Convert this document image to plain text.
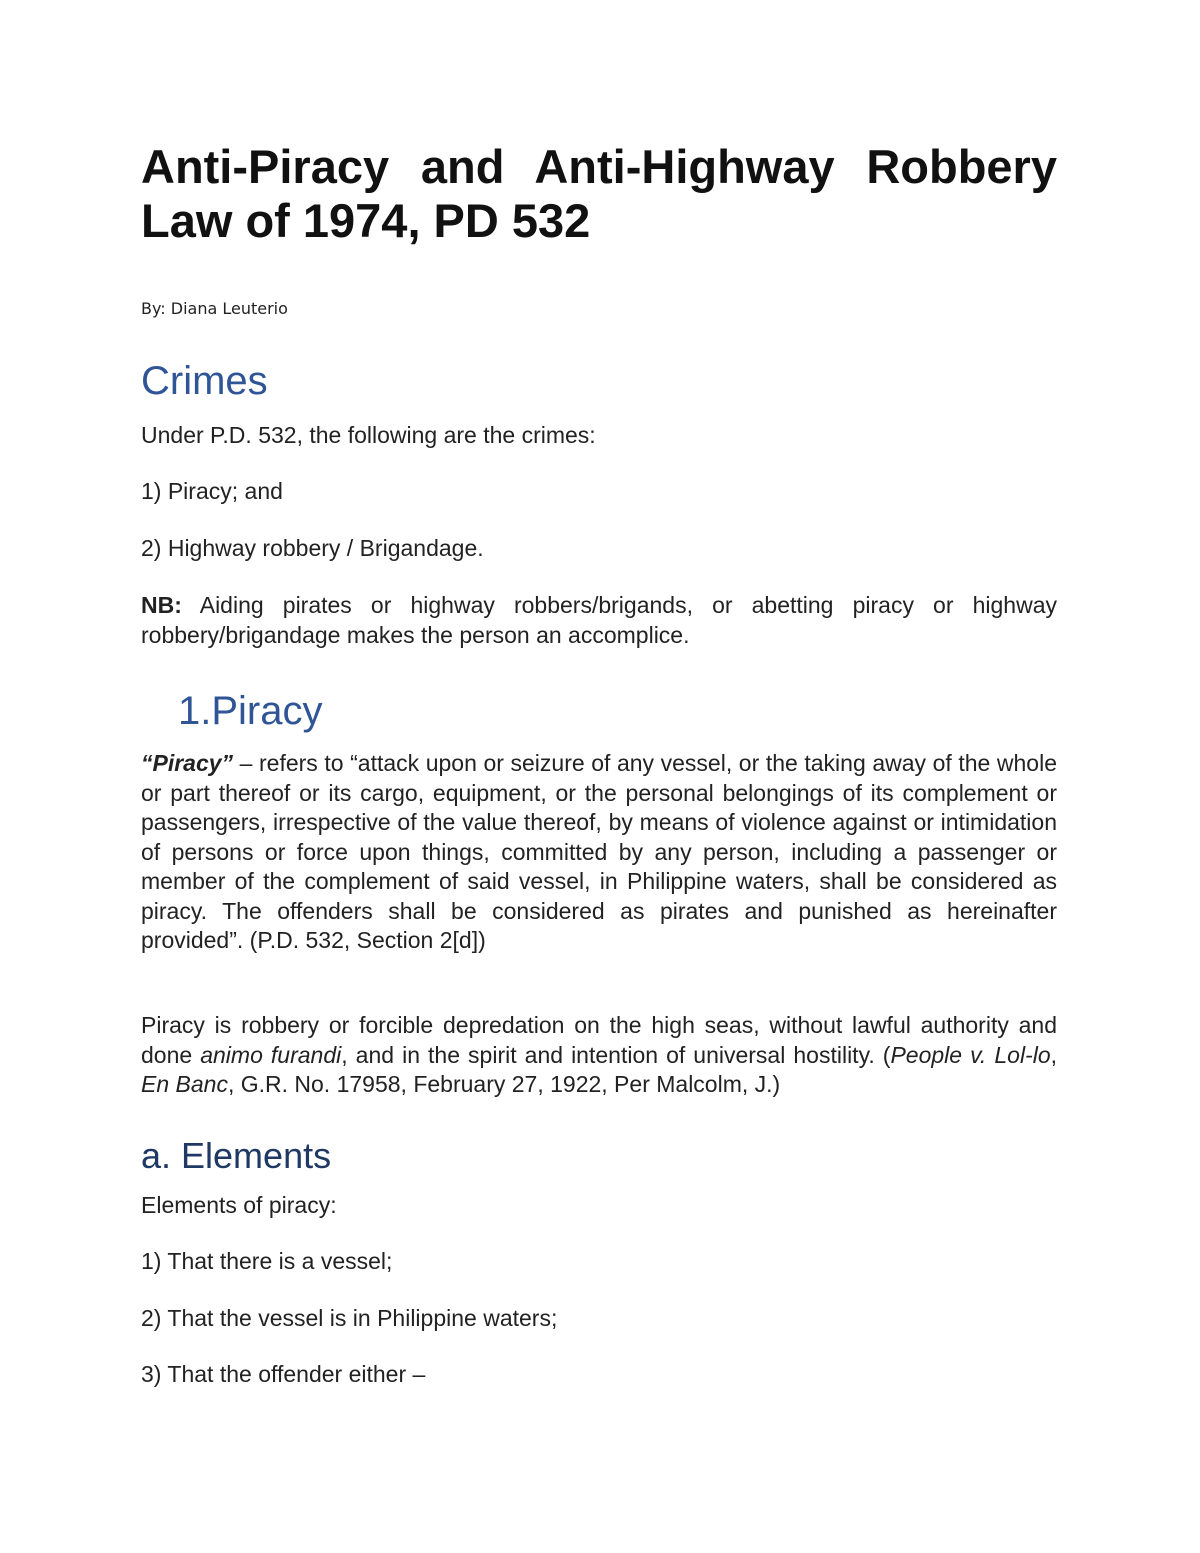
Anti-Piracy and Anti-Highway Robbery Law of 1974, PD 532
By: Diana Leuterio
Crimes
Under P.D. 532, the following are the crimes:
1) Piracy; and
2) Highway robbery / Brigandage.
NB: Aiding pirates or highway robbers/brigands, or abetting piracy or highway robbery/brigandage makes the person an accomplice.
1.Piracy
“Piracy” – refers to “attack upon or seizure of any vessel, or the taking away of the whole or part thereof or its cargo, equipment, or the personal belongings of its complement or passengers, irrespective of the value thereof, by means of violence against or intimidation of persons or force upon things, committed by any person, including a passenger or member of the complement of said vessel, in Philippine waters, shall be considered as piracy. The offenders shall be considered as pirates and punished as hereinafter provided”. (P.D. 532, Section 2[d])
Piracy is robbery or forcible depredation on the high seas, without lawful authority and done animo furandi, and in the spirit and intention of universal hostility. (People v. Lol-lo, En Banc, G.R. No. 17958, February 27, 1922, Per Malcolm, J.)
a. Elements
Elements of piracy:
1) That there is a vessel;
2) That the vessel is in Philippine waters;
3) That the offender either –
